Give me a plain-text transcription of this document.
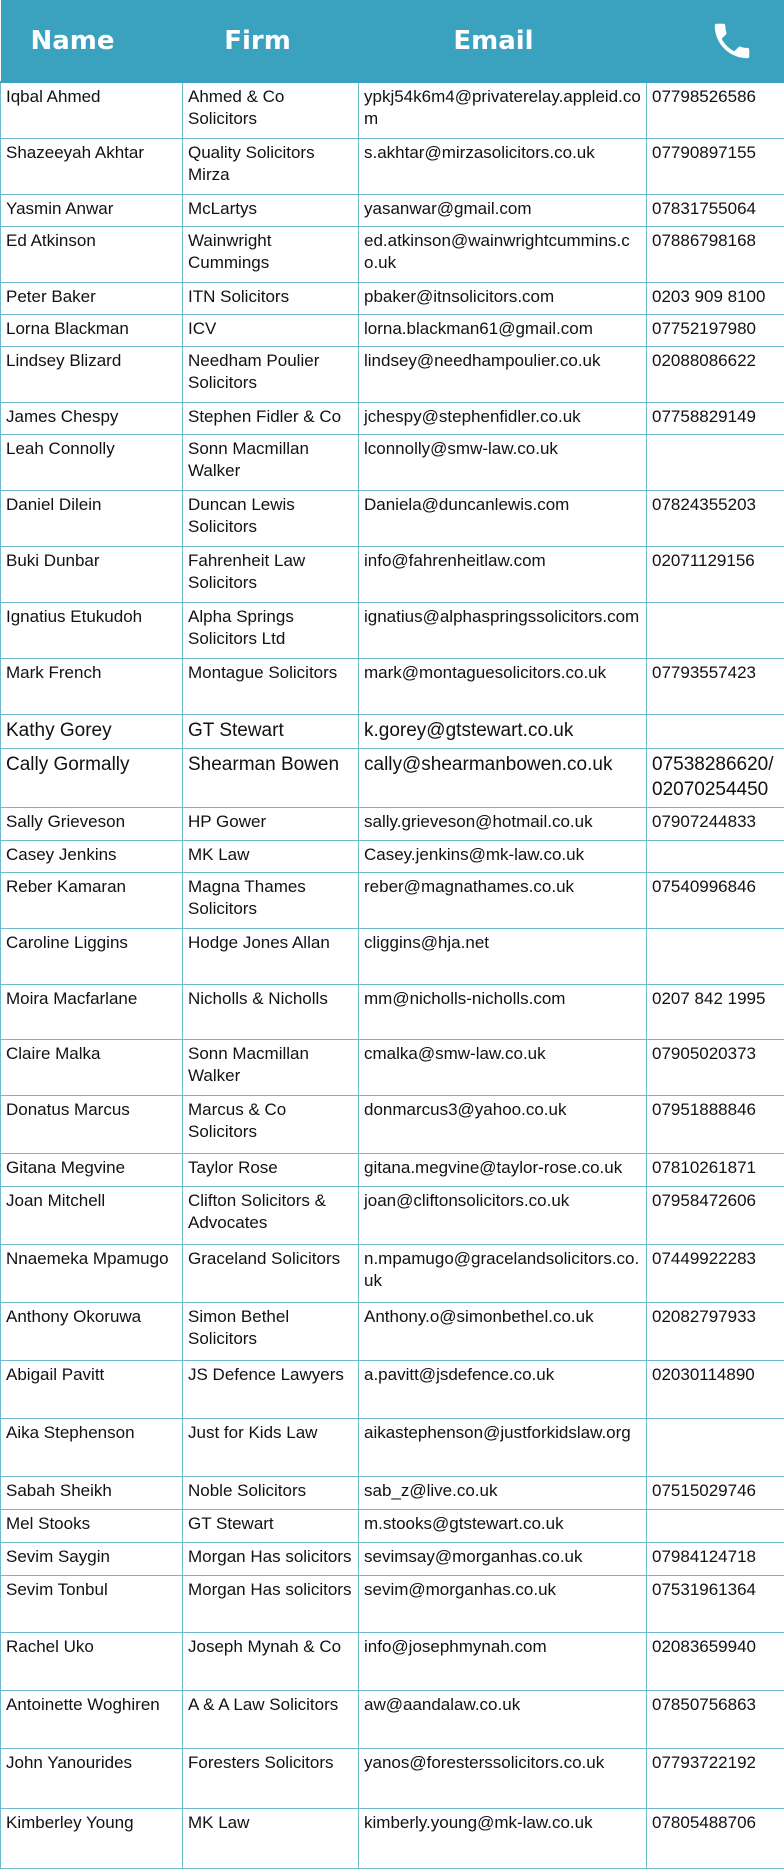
Name	Firm	Email	
Iqbal Ahmed	Ahmed & Co Solicitors	ypkj54k6m4@privaterelay.appleid.com	07798526586
Shazeeyah Akhtar	Quality Solicitors Mirza	s.akhtar@mirzasolicitors.co.uk	07790897155
Yasmin Anwar	McLartys	yasanwar@gmail.com	07831755064
Ed Atkinson	Wainwright Cummings	ed.atkinson@wainwrightcummins.co.uk	07886798168
Peter Baker	ITN Solicitors	pbaker@itnsolicitors.com	0203 909 8100
Lorna Blackman	ICV	lorna.blackman61@gmail.com	07752197980
Lindsey Blizard	Needham Poulier Solicitors	lindsey@needhampoulier.co.uk	02088086622
James Chespy	Stephen Fidler & Co	jchespy@stephenfidler.co.uk	07758829149
Leah Connolly	Sonn Macmillan Walker	lconnolly@smw-law.co.uk	
Daniel Dilein	Duncan Lewis Solicitors	Daniela@duncanlewis.com	07824355203
Buki Dunbar	Fahrenheit Law Solicitors	info@fahrenheitlaw.com	02071129156
Ignatius Etukudoh	Alpha Springs Solicitors Ltd	ignatius@alphaspringssolicitors.com	
Mark French	Montague Solicitors	mark@montaguesolicitors.co.uk	07793557423
Kathy Gorey	GT Stewart	k.gorey@gtstewart.co.uk	
Cally Gormally	Shearman Bowen	cally@shearmanbowen.co.uk	07538286620/ 02070254450
Sally Grieveson	HP Gower	sally.grieveson@hotmail.co.uk	07907244833
Casey Jenkins	MK Law	Casey.jenkins@mk-law.co.uk	
Reber Kamaran	Magna Thames Solicitors	reber@magnathames.co.uk	07540996846
Caroline Liggins	Hodge Jones Allan	cliggins@hja.net	
Moira Macfarlane	Nicholls & Nicholls	mm@nicholls-nicholls.com	0207 842 1995
Claire Malka	Sonn Macmillan Walker	cmalka@smw-law.co.uk	07905020373
Donatus Marcus	Marcus & Co Solicitors	donmarcus3@yahoo.co.uk	07951888846
Gitana Megvine	Taylor Rose	gitana.megvine@taylor-rose.co.uk	07810261871
Joan Mitchell	Clifton Solicitors & Advocates	joan@cliftonsolicitors.co.uk	07958472606
Nnaemeka Mpamugo	Graceland Solicitors	n.mpamugo@gracelandsolicitors.co.uk	07449922283
Anthony Okoruwa	Simon Bethel Solicitors	Anthony.o@simonbethel.co.uk	02082797933
Abigail Pavitt	JS Defence Lawyers	a.pavitt@jsdefence.co.uk	02030114890
Aika Stephenson	Just for Kids Law	aikastephenson@justforkidslaw.org	
Sabah Sheikh	Noble Solicitors	sab_z@live.co.uk	07515029746
Mel Stooks	GT Stewart	m.stooks@gtstewart.co.uk	
Sevim Saygin	Morgan Has solicitors	sevimsay@morganhas.co.uk	07984124718
Sevim Tonbul	Morgan Has solicitors	sevim@morganhas.co.uk	07531961364
Rachel Uko	Joseph Mynah & Co	info@josephmynah.com	02083659940
Antoinette Woghiren	A & A Law Solicitors	aw@aandalaw.co.uk	07850756863
John Yanourides	Foresters Solicitors	yanos@foresterssolicitors.co.uk	07793722192
Kimberley Young	MK Law	kimberly.young@mk-law.co.uk	07805488706
